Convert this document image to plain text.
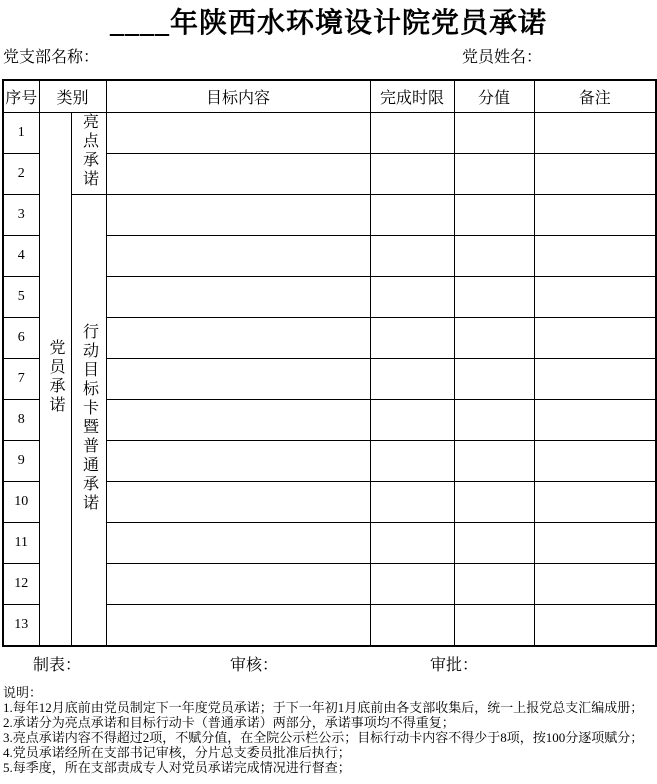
____年陕西水环境设计院党员承诺
党支部名称：	党员姓名：
序号	类别		目标内容	完成时限	分值	备注
1	党员承诺	亮点承诺				
2						
3		行动目标卡暨普通承诺				
4						
5						
6						
7						
8						
9						
10						
11						
12						
13						
制表：	审核：	审批：
说明：
1.每年12月底前由党员制定下一年度党员承诺；于下一年初1月底前由各支部收集后，统一上报党总支汇编成册；
2.承诺分为亮点承诺和目标行动卡（普通承诺）两部分，承诺事项均不得重复；
3.亮点承诺内容不得超过2项，不赋分值，在全院公示栏公示；目标行动卡内容不得少于8项，按100分逐项赋分；
4.党员承诺经所在支部书记审核，分片总支委员批准后执行；
5.每季度，所在支部责成专人对党员承诺完成情况进行督查；
